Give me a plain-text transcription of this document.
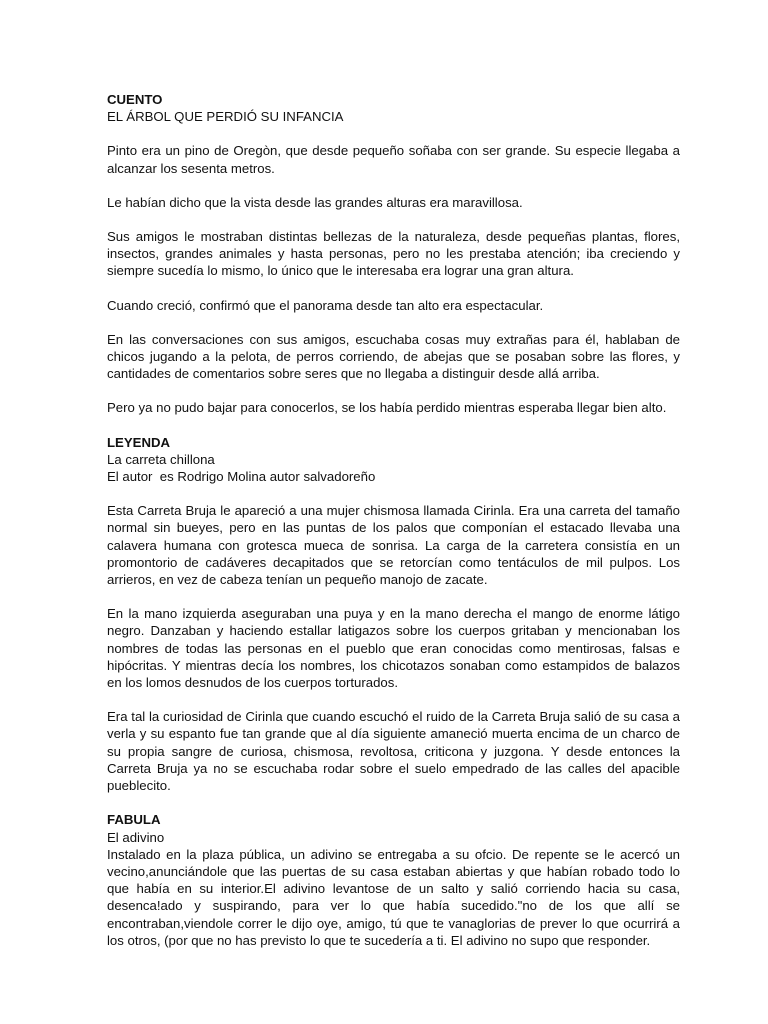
CUENTO

EL ÁRBOL QUE PERDIÓ SU INFANCIA

Pinto era un pino de Oregòn, que desde pequeño soñaba con ser grande. Su especie llegaba a alcanzar los sesenta metros.

Le habían dicho que la vista desde las grandes alturas era maravillosa.

Sus amigos le mostraban distintas bellezas de la naturaleza, desde pequeñas plantas, flores, insectos, grandes animales y hasta personas, pero no les prestaba atención; iba creciendo y siempre sucedía lo mismo, lo único que le interesaba era lograr una gran altura.

Cuando creció, confirmó que el panorama desde tan alto era espectacular.

En las conversaciones con sus amigos, escuchaba cosas muy extrañas para él, hablaban de chicos jugando a la pelota, de perros corriendo, de abejas que se posaban sobre las flores, y cantidades de comentarios sobre seres que no llegaba a distinguir desde allá arriba.

Pero ya no pudo bajar para conocerlos, se los había perdido mientras esperaba llegar bien alto.

LEYENDA

La carreta chillona

El autor  es Rodrigo Molina autor salvadoreño

Esta Carreta Bruja le apareció a una mujer chismosa llamada Cirinla. Era una carreta del tamaño normal sin bueyes, pero en las puntas de los palos que componían el estacado llevaba una calavera humana con grotesca mueca de sonrisa. La carga de la carretera consistía en un promontorio de cadáveres decapitados que se retorcían como tentáculos de mil pulpos. Los arrieros, en vez de cabeza tenían un pequeño manojo de zacate.

En la mano izquierda aseguraban una puya y en la mano derecha el mango de enorme látigo negro. Danzaban y haciendo estallar latigazos sobre los cuerpos gritaban y mencionaban los nombres de todas las personas en el pueblo que eran conocidas como mentirosas, falsas e hipócritas. Y mientras decía los nombres, los chicotazos sonaban como estampidos de balazos en los lomos desnudos de los cuerpos torturados.

Era tal la curiosidad de Cirinla que cuando escuchó el ruido de la Carreta Bruja salió de su casa a verla y su espanto fue tan grande que al día siguiente amaneció muerta encima de un charco de su propia sangre de curiosa, chismosa, revoltosa, criticona y juzgona. Y desde entonces la Carreta Bruja ya no se escuchaba rodar sobre el suelo empedrado de las calles del apacible pueblecito.

FABULA

El adivino

Instalado en la plaza pública, un adivino se entregaba a su ofcio. De repente se le acercó un vecino,anunciándole que las puertas de su casa estaban abiertas y que habían robado todo lo que había en su interior.El adivino levantose de un salto y salió corriendo hacia su casa, desenca!ado y suspirando, para ver lo que había sucedido."no de los que allí se encontraban,viendole correr le dijo oye, amigo, tú que te vanaglorias de prever lo que ocurrirá a los otros, (por que no has previsto lo que te sucedería a ti. El adivino no supo que responder.
